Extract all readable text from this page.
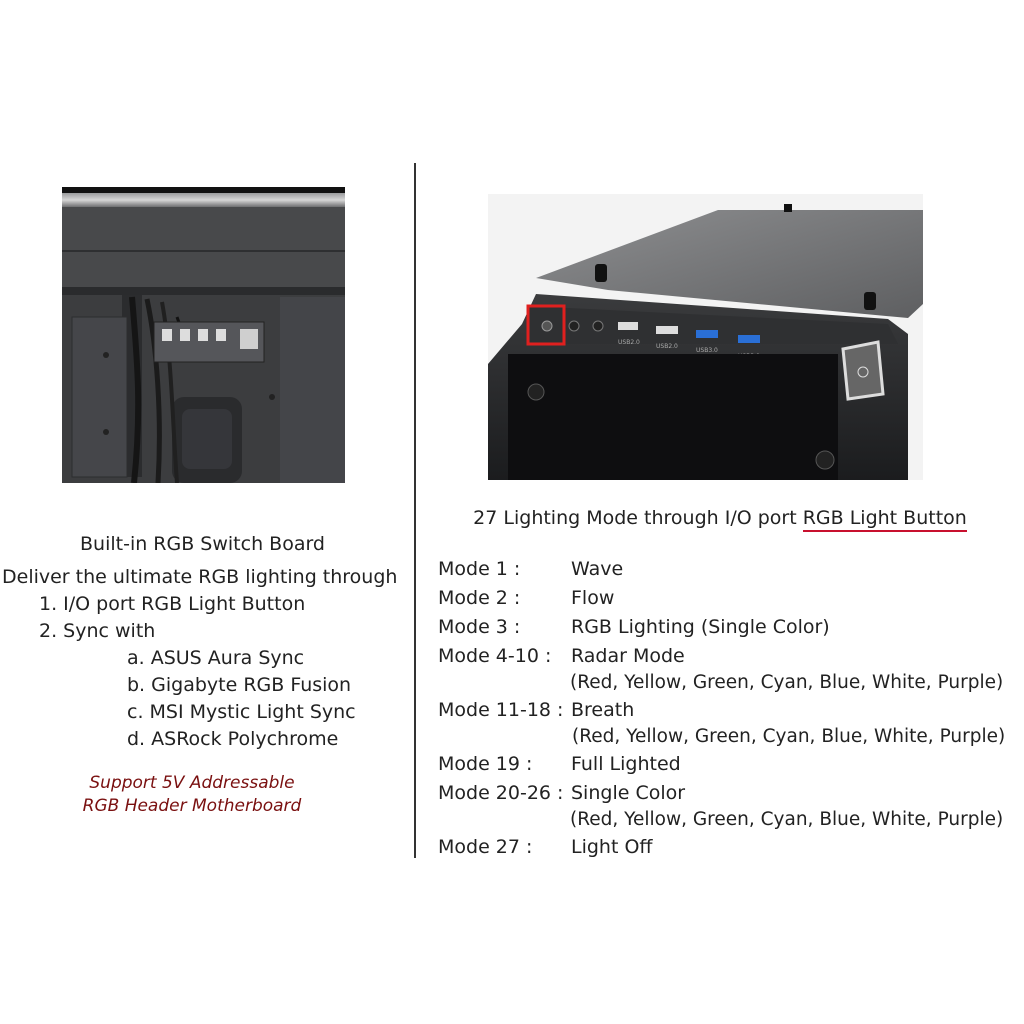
USB2.0
USB2.0
USB3.0
Built-in RGB Switch Board
Deliver the ultimate RGB lighting through
1. I/O port RGB Light Button
2. Sync with
a. ASUS Aura Sync
b. Gigabyte RGB Fusion
c. MSI Mystic Light Sync
d. ASRock Polychrome
Support 5V Addressable
RGB Header Motherboard
27 Lighting Mode through I/O port RGB Light Button
Mode 1 :	Wave
Mode 2 :	Flow
Mode 3 :	RGB Lighting (Single Color)
Mode 4-10 : Radar Mode
(Red, Yellow, Green, Cyan, Blue, White, Purple)
Mode 11-18 : Breath
(Red, Yellow, Green, Cyan, Blue, White, Purple)
Mode 19 : Full Lighted
Mode 20-26 : Single Color
(Red, Yellow, Green, Cyan, Blue, White, Purple)
Mode 27 : Light Off
